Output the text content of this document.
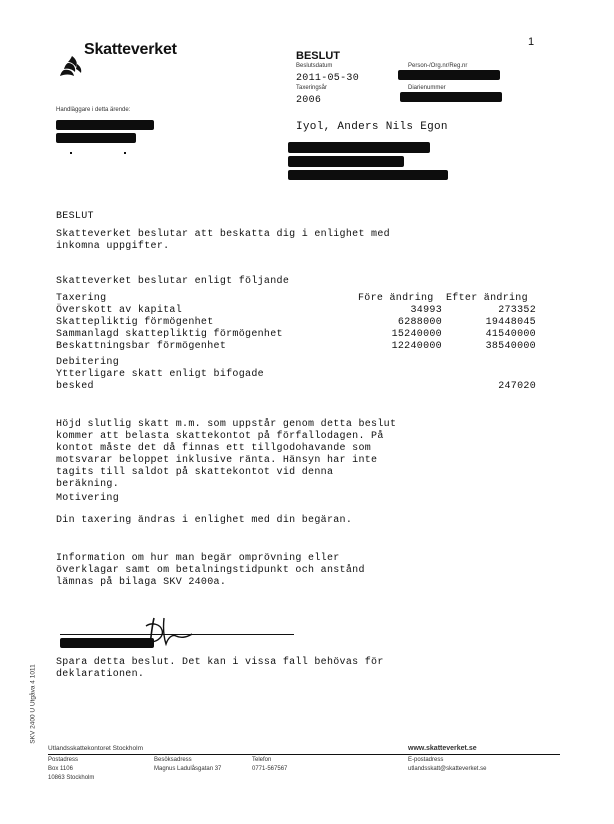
1

Skatteverket	BESLUT
Beslutsdatum
2011-05-30
Taxeringsår
2006
Person-/Org.nr/Reg.nr
Diarienummer
Handläggare i detta ärende:
Iyol, Anders Nils Egon
BESLUT
Skatteverket beslutar att beskatta dig i enlighet med
inkomna uppgifter.
Skatteverket beslutar enligt följande
Taxering	Före ändring Efter ändring
Överskott av kapital	34993	273352
Skattepliktig förmögenhet	6288000	19448045
Sammanlagd skattepliktig förmögenhet	15240000	41540000
Beskattningsbar förmögenhet	12240000	38540000
Debitering
Ytterligare skatt enligt bifogade
besked	247020
Höjd slutlig skatt m.m. som uppstår genom detta beslut
kommer att belasta skattekontot på förfallodagen. På
kontot måste det då finnas ett tillgodohavande som
motsvarar beloppet inklusive ränta. Hänsyn har inte
tagits till saldot på skattekontot vid denna
beräkning.
Motivering
Din taxering ändras i enlighet med din begäran.
Information om hur man begär omprövning eller
överklagar samt om betalningstidpunkt och anstånd
lämnas på bilaga SKV 2400a.

Spara detta beslut. Det kan i vissa fall behövas för
deklarationen.

SKV 2400 U Utgåva 4 1011

Utlandsskattekontoret Stockholm	www.skatteverket.se
Postadress
Box 1106
10863 Stockholm
Besöksadress
Magnus Ladulåsgatan 37
Telefon
0771-567567
E-postadress
utlandsskatt@skatteverket.se
